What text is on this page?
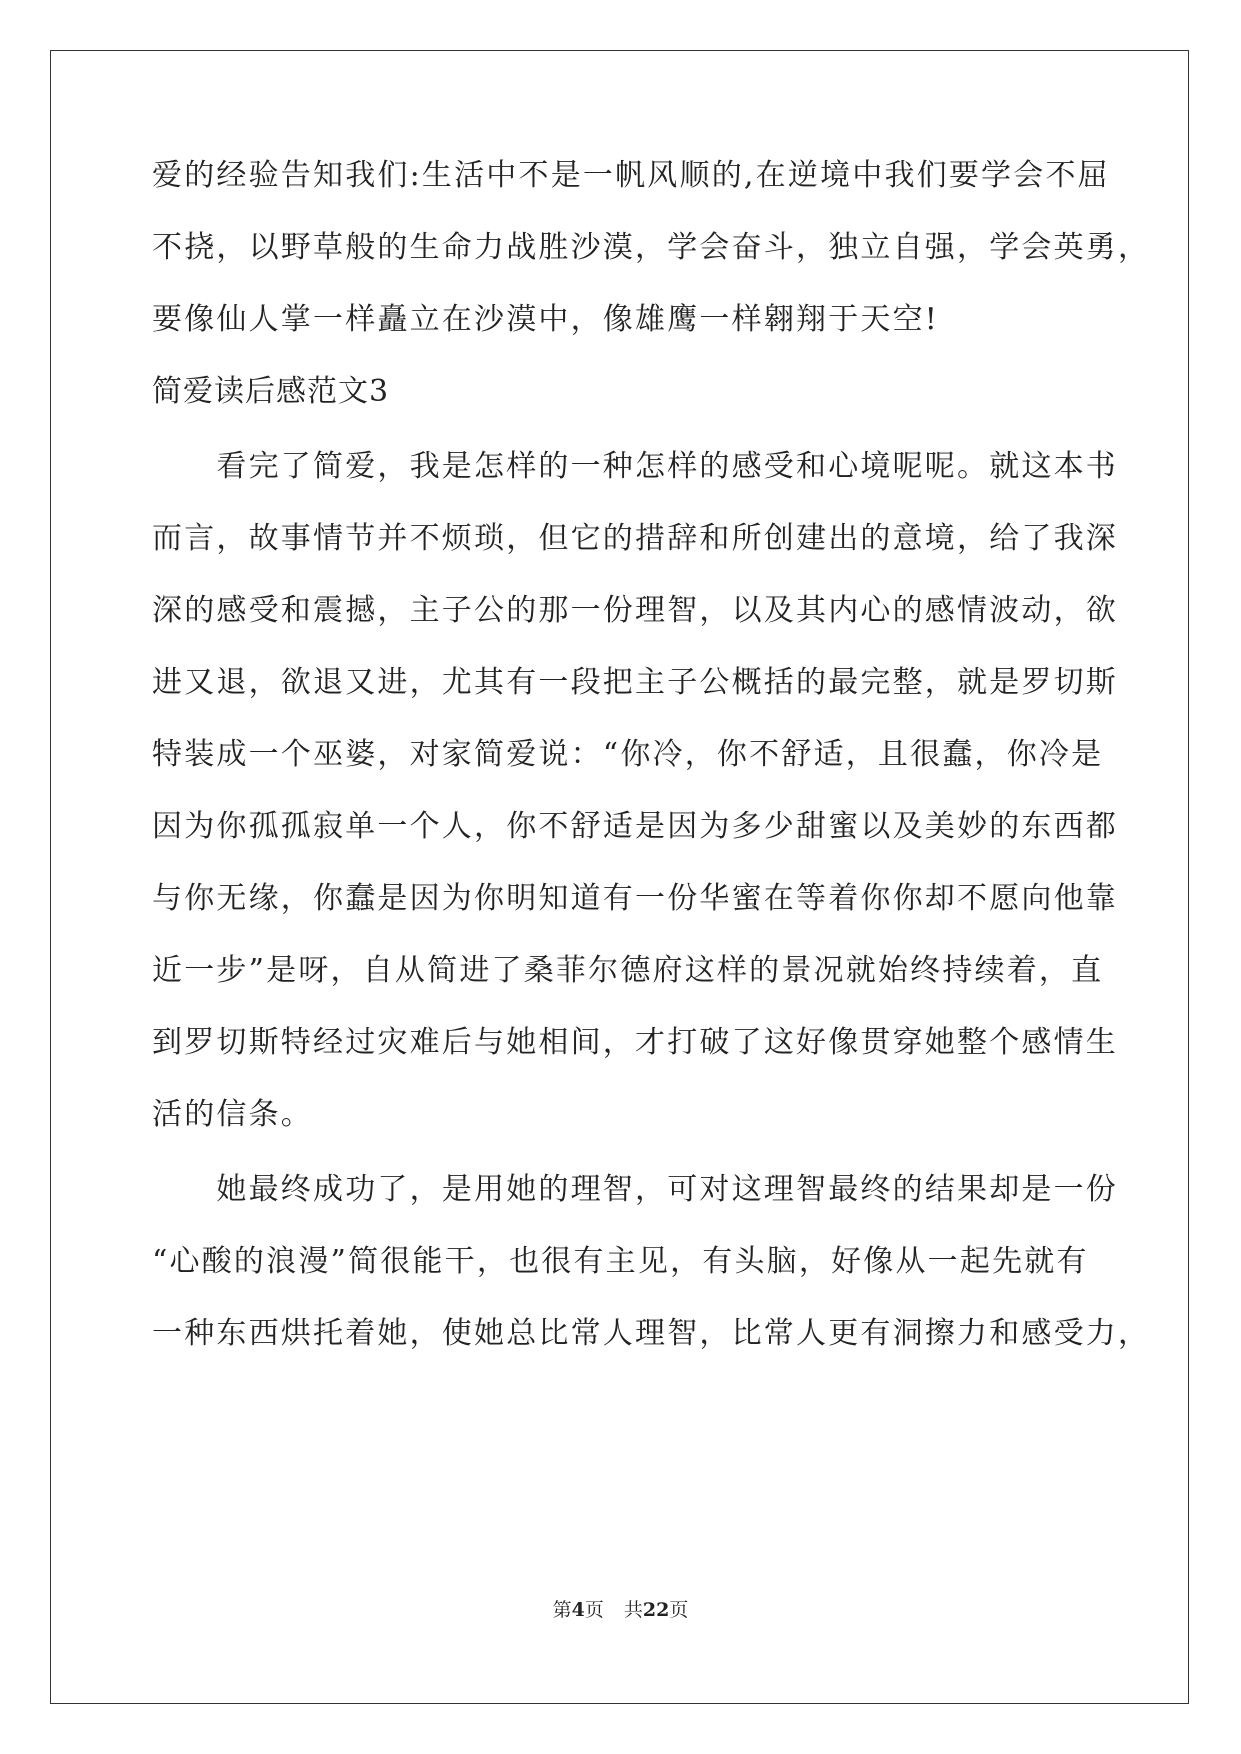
爱的经验告知我们:生活中不是一帆风顺的,在逆境中我们要学会不屈
不挠，以野草般的生命力战胜沙漠，学会奋斗，独立自强，学会英勇，
要像仙人掌一样矗立在沙漠中，像雄鹰一样翱翔于天空!
简爱读后感范文3
　　看完了简爱，我是怎样的一种怎样的感受和心境呢呢。就这本书
而言，故事情节并不烦琐，但它的措辞和所创建出的意境，给了我深
深的感受和震撼，主子公的那一份理智，以及其内心的感情波动，欲
进又退，欲退又进，尤其有一段把主子公概括的最完整，就是罗切斯
特装成一个巫婆，对家简爱说：“你冷，你不舒适，且很蠢，你冷是
因为你孤孤寂单一个人，你不舒适是因为多少甜蜜以及美妙的东西都
与你无缘，你蠢是因为你明知道有一份华蜜在等着你你却不愿向他靠
近一步”是呀，自从简进了桑菲尔德府这样的景况就始终持续着，直
到罗切斯特经过灾难后与她相间，才打破了这好像贯穿她整个感情生
活的信条。
　　她最终成功了，是用她的理智，可对这理智最终的结果却是一份
“心酸的浪漫”简很能干，也很有主见，有头脑，好像从一起先就有
一种东西烘托着她，使她总比常人理智，比常人更有洞擦力和感受力，
第4页 共22页
